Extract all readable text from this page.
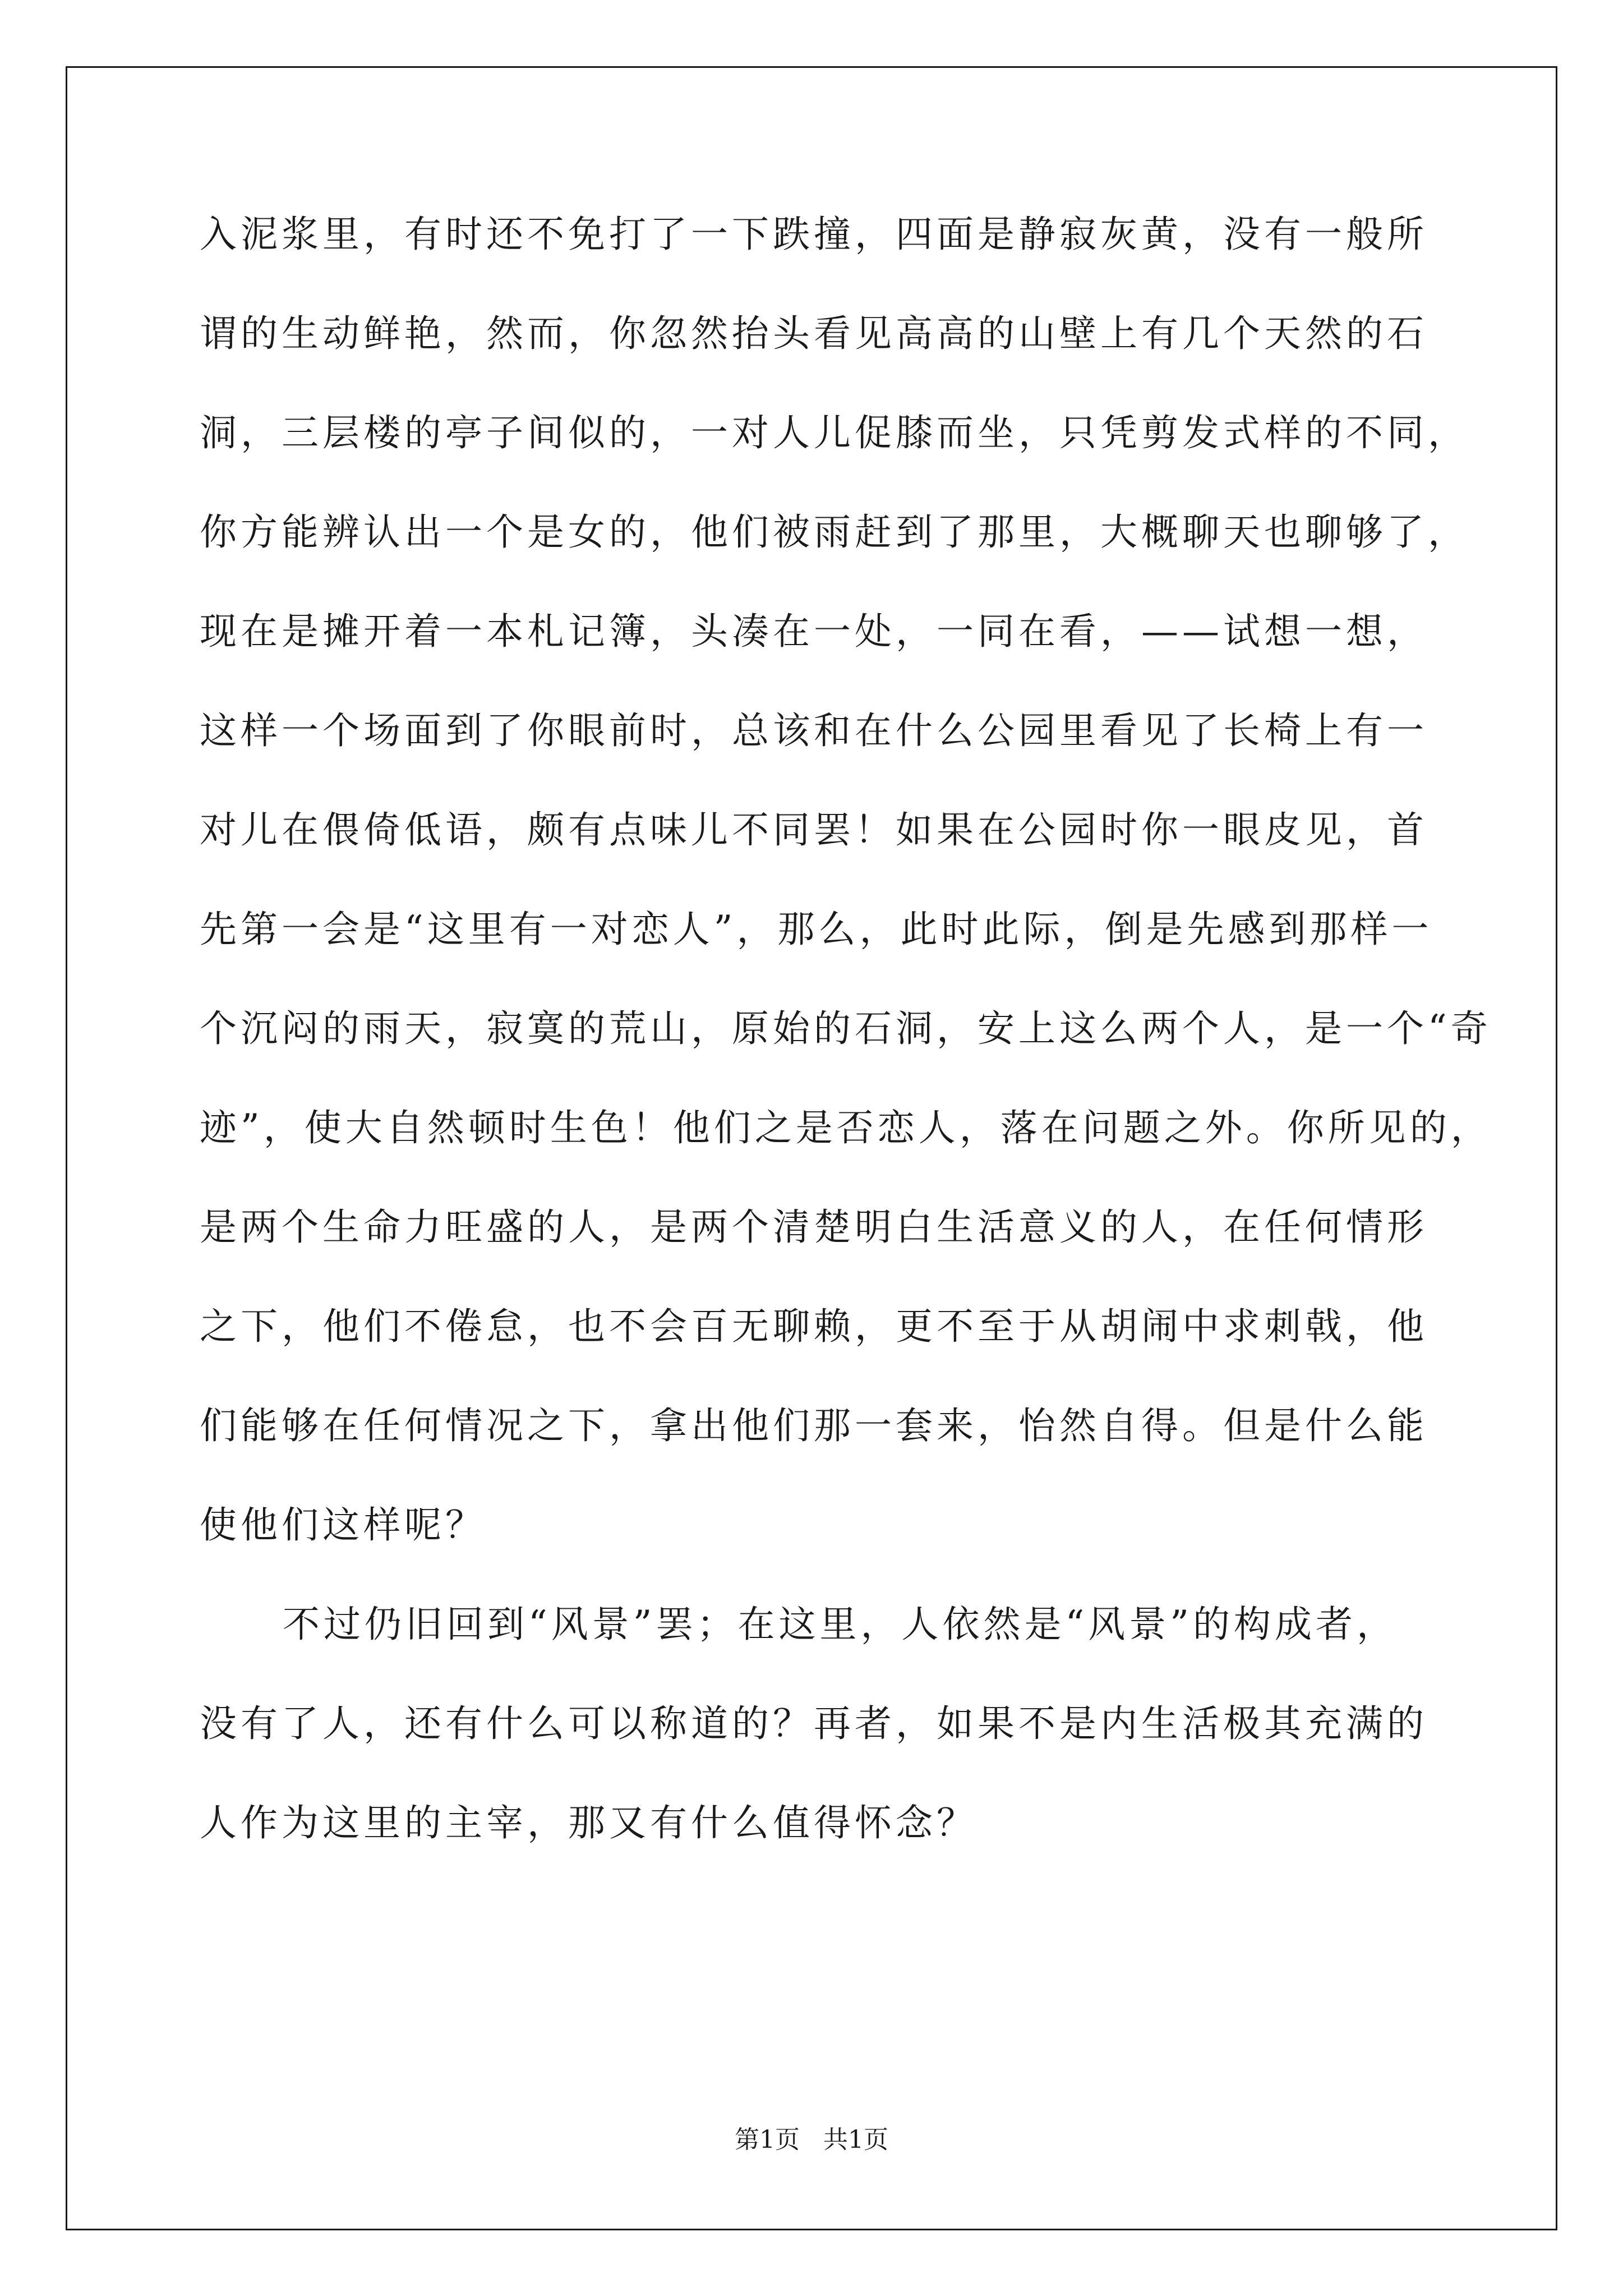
入泥浆里，有时还不免打了一下跌撞，四面是静寂灰黄，没有一般所
谓的生动鲜艳，然而，你忽然抬头看见高高的山壁上有几个天然的石
洞，三层楼的亭子间似的，一对人儿促膝而坐，只凭剪发式样的不同，
你方能辨认出一个是女的，他们被雨赶到了那里，大概聊天也聊够了，
现在是摊开着一本札记簿，头凑在一处，一同在看，——试想一想，
这样一个场面到了你眼前时，总该和在什么公园里看见了长椅上有一
对儿在偎倚低语，颇有点味儿不同罢！如果在公园时你一眼皮见，首
先第一会是“这里有一对恋人”，那么，此时此际，倒是先感到那样一
个沉闷的雨天，寂寞的荒山，原始的石洞，安上这么两个人，是一个“奇
迹”，使大自然顿时生色！他们之是否恋人，落在问题之外。你所见的，
是两个生命力旺盛的人，是两个清楚明白生活意义的人，在任何情形
之下，他们不倦怠，也不会百无聊赖，更不至于从胡闹中求刺戟，他
们能够在任何情况之下，拿出他们那一套来，怡然自得。但是什么能
使他们这样呢？
不过仍旧回到“风景”罢；在这里，人依然是“风景”的构成者，
没有了人，还有什么可以称道的？再者，如果不是内生活极其充满的
人作为这里的主宰，那又有什么值得怀念？
第1页   共1页
